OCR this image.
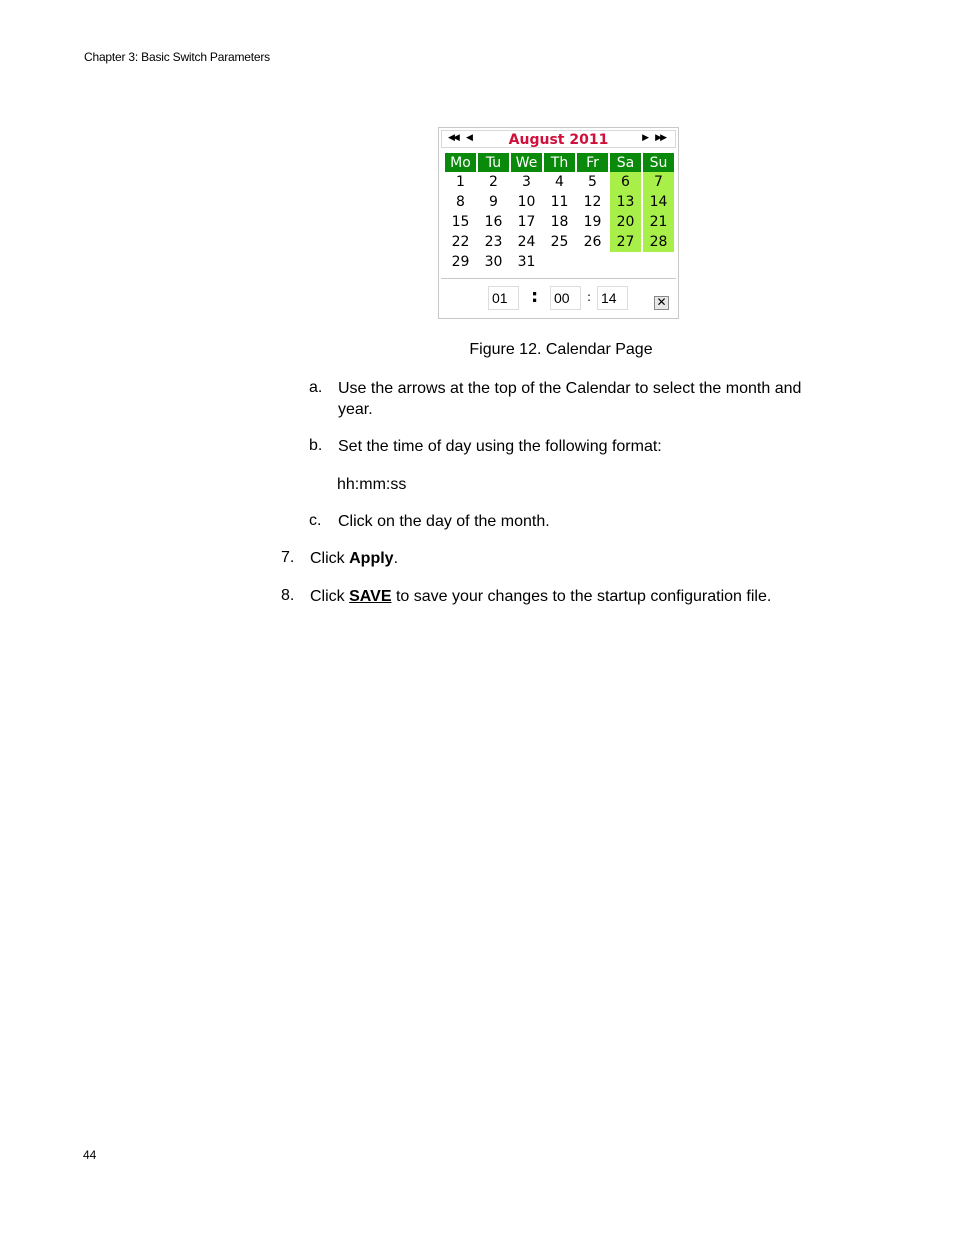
Chapter 3: Basic Switch Parameters
◀◀ ◀	August 2011	▶ ▶▶
Mo	Tu	We	Th	Fr	Sa	Su
1	2	3	4	5	6	7
8	9	10	11	12	13	14
15	16	17	18	19	20	21
22	23	24	25	26	27	28
29	30	31				
01	: 00	: 14	✕
Figure 12. Calendar Page
a. Use the arrows at the top of the Calendar to select the month and
year.
b. Set the time of day using the following format:
hh:mm:ss
c. Click on the day of the month.
7. Click Apply.
8. Click SAVE to save your changes to the startup configuration file.
44
